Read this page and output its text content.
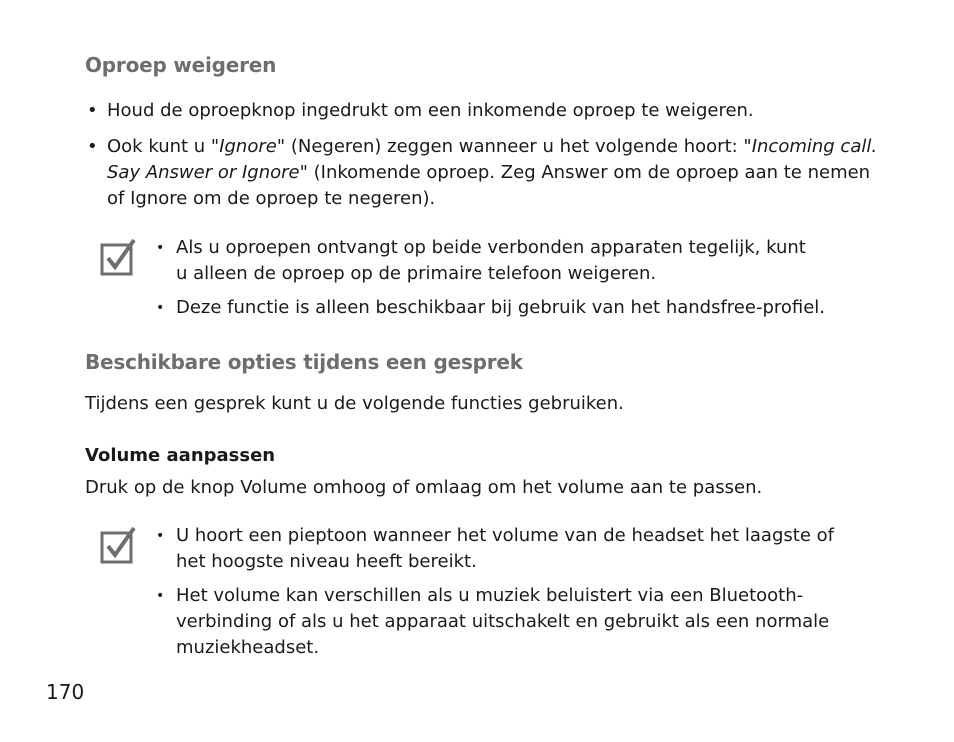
Oproep weigeren
• Houd de oproepknop ingedrukt om een inkomende oproep te weigeren.
• Ook kunt u "Ignore" (Negeren) zeggen wanneer u het volgende hoort: "Incoming call.
Say Answer or Ignore" (Inkomende oproep. Zeg Answer om de oproep aan te nemen
of Ignore om de oproep te negeren).
• Als u oproepen ontvangt op beide verbonden apparaten tegelijk, kunt
u alleen de oproep op de primaire telefoon weigeren.
• Deze functie is alleen beschikbaar bij gebruik van het handsfree-profiel.
Beschikbare opties tijdens een gesprek
Tijdens een gesprek kunt u de volgende functies gebruiken.
Volume aanpassen
Druk op de knop Volume omhoog of omlaag om het volume aan te passen.
• U hoort een pieptoon wanneer het volume van de headset het laagste of
het hoogste niveau heeft bereikt.
• Het volume kan verschillen als u muziek beluistert via een Bluetooth-
verbinding of als u het apparaat uitschakelt en gebruikt als een normale
muziekheadset.
170
